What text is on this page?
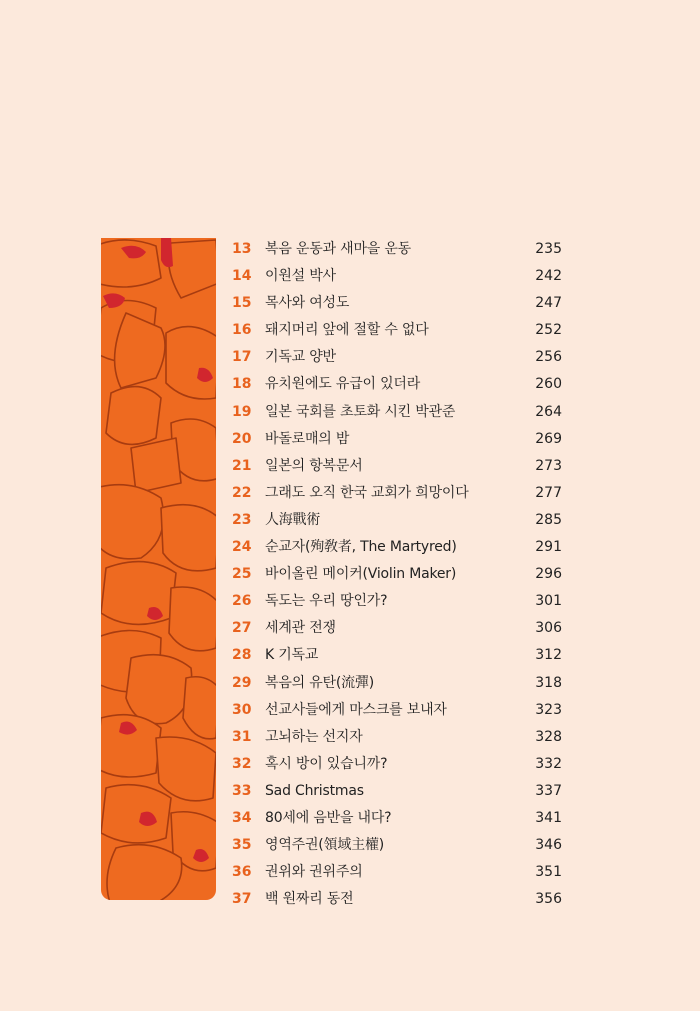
13 복음 운동과 새마을 운동	235
14 이원설 박사	242
15 목사와 여성도	247
16 돼지머리 앞에 절할 수 없다	252
17 기독교 양반	256
18 유치원에도 유급이 있더라	260
19 일본 국회를 초토화 시킨 박관준	264
20 바돌로매의 밤	269
21 일본의 항복문서	273
22 그래도 오직 한국 교회가 희망이다	277
23 人海戰術	285
24 순교자(殉敎者, The Martyred)	291
25 바이올린 메이커(Violin Maker)	296
26 독도는 우리 땅인가?	301
27 세계관 전쟁	306
28 K 기독교	312
29 복음의 유탄(流彈)	318
30 선교사들에게 마스크를 보내자	323
31 고뇌하는 선지자	328
32 혹시 방이 있습니까?	332
33 Sad Christmas	337
34 80세에 음반을 내다?	341
35 영역주권(領域主權)	346
36 권위와 권위주의	351
37 백 원짜리 동전	356
